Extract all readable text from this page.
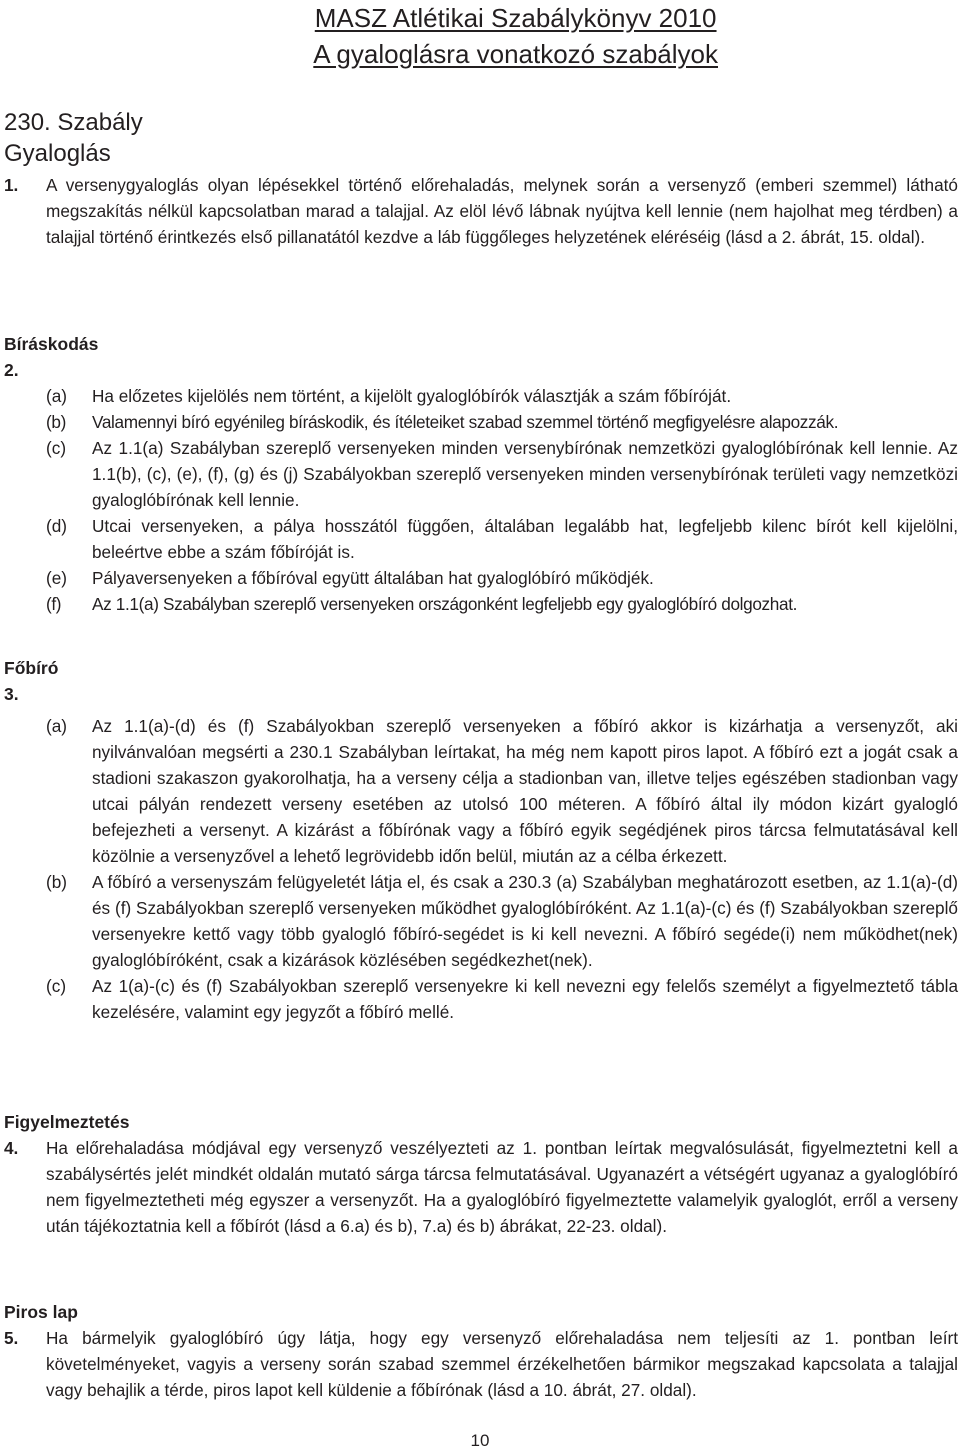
MASZ Atlétikai Szabálykönyv 2010
A gyaloglásra vonatkozó szabályok
230. Szabály
Gyaloglás

1. A versenygyaloglás olyan lépésekkel történő előrehaladás, melynek során a versenyző (emberi szemmel) látható megszakítás nélkül kapcsolatban marad a talajjal. Az elöl lévő lábnak nyújtva kell lennie (nem hajolhat meg térdben) a talajjal történő érintkezés első pillanatától kezdve a láb függőleges helyzetének eléréséig (lásd a 2. ábrát, 15. oldal).

Bíráskodás
2.

(a) Ha előzetes kijelölés nem történt, a kijelölt gyaloglóbírók választják a szám főbíróját.

(b) Valamennyi bíró egyénileg bíráskodik, és ítéleteiket szabad szemmel történő megfigyelésre alapozzák.

(c) Az 1.1(a) Szabályban szereplő versenyeken minden versenybírónak nemzetközi gyaloglóbírónak kell lennie. Az 1.1(b), (c), (e), (f), (g) és (j) Szabályokban szereplő versenyeken minden versenybírónak területi vagy nemzetközi gyaloglóbírónak kell lennie.

(d) Utcai versenyeken, a pálya hosszától függően, általában legalább hat, legfeljebb kilenc bírót kell kijelölni, beleértve ebbe a szám főbíróját is.

(e) Pályaversenyeken a főbíróval együtt általában hat gyaloglóbíró működjék.

(f) Az 1.1(a) Szabályban szereplő versenyeken országonként legfeljebb egy gyaloglóbíró dolgozhat.

Főbíró
3.

(a) Az 1.1(a)-(d) és (f) Szabályokban szereplő versenyeken a főbíró akkor is kizárhatja a versenyzőt, aki nyilvánvalóan megsérti a 230.1 Szabályban leírtakat, ha még nem kapott piros lapot. A főbíró ezt a jogát csak a stadioni szakaszon gyakorolhatja, ha a verseny célja a stadionban van, illetve teljes egészében stadionban vagy utcai pályán rendezett verseny esetében az utolsó 100 méteren. A főbíró által ily módon kizárt gyalogló befejezheti a versenyt. A kizárást a főbírónak vagy a főbíró egyik segédjének piros tárcsa felmutatásával kell közölnie a versenyzővel a lehető legrövidebb időn belül, miután az a célba érkezett.

(b) A főbíró a versenyszám felügyeletét látja el, és csak a 230.3 (a) Szabályban meghatározott esetben, az 1.1(a)-(d) és (f) Szabályokban szereplő versenyeken működhet gyaloglóbíróként. Az 1.1(a)-(c) és (f) Szabályokban szereplő versenyekre kettő vagy több gyalogló főbíró-segédet is ki kell nevezni. A főbíró segéde(i) nem működhet(nek) gyaloglóbíróként, csak a kizárások közlésében segédkezhet(nek).

(c) Az 1(a)-(c) és (f) Szabályokban szereplő versenyekre ki kell nevezni egy felelős személyt a figyelmeztető tábla kezelésére, valamint egy jegyzőt a főbíró mellé.

Figyelmeztetés

4. Ha előrehaladása módjával egy versenyző veszélyezteti az 1. pontban leírtak megvalósulását, figyelmeztetni kell a szabálysértés jelét mindkét oldalán mutató sárga tárcsa felmutatásával. Ugyanazért a vétségért ugyanaz a gyaloglóbíró nem figyelmeztetheti még egyszer a versenyzőt. Ha a gyaloglóbíró figyelmeztette valamelyik gyaloglót, erről a verseny után tájékoztatnia kell a főbírót (lásd a 6.a) és b), 7.a) és b) ábrákat, 22-23. oldal).

Piros lap

5. Ha bármelyik gyaloglóbíró úgy látja, hogy egy versenyző előrehaladása nem teljesíti az 1. pontban leírt követelményeket, vagyis a verseny során szabad szemmel érzékelhetően bármikor megszakad kapcsolata a talajjal vagy behajlik a térde, piros lapot kell küldenie a főbírónak (lásd a 10. ábrát, 27. oldal).

10
